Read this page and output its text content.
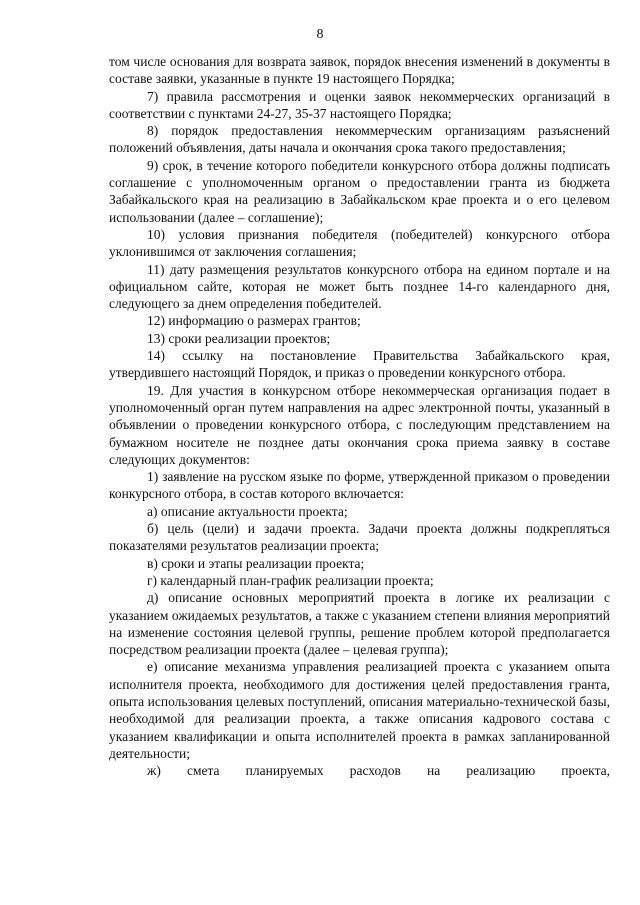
8

том числе основания для возврата заявок, порядок внесения изменений в документы в составе заявки, указанные в пункте 19 настоящего Порядка;

7) правила рассмотрения и оценки заявок некоммерческих организаций в соответствии с пунктами 24-27, 35-37 настоящего Порядка;

8) порядок предоставления некоммерческим организациям разъяснений положений объявления, даты начала и окончания срока такого предоставления;

9) срок, в течение которого победители конкурсного отбора должны подписать соглашение с уполномоченным органом о предоставлении гранта из бюджета Забайкальского края на реализацию в Забайкальском крае проекта и о его целевом использовании (далее – соглашение);

10) условия признания победителя (победителей) конкурсного отбора уклонившимся от заключения соглашения;

11) дату размещения результатов конкурсного отбора на едином портале и на официальном сайте, которая не может быть позднее 14-го календарного дня, следующего за днем определения победителей.

12) информацию о размерах грантов;

13) сроки реализации проектов;

14) ссылку на постановление Правительства Забайкальского края, утвердившего настоящий Порядок, и приказ о проведении конкурсного отбора.

19. Для участия в конкурсном отборе некоммерческая организация подает в уполномоченный орган путем направления на адрес электронной почты, указанный в объявлении о проведении конкурсного отбора, с последующим представлением на бумажном носителе не позднее даты окончания срока приема заявку в составе следующих документов:

1) заявление на русском языке по форме, утвержденной приказом о проведении конкурсного отбора, в состав которого включается:

а) описание актуальности проекта;

б) цель (цели) и задачи проекта. Задачи проекта должны подкрепляться показателями результатов реализации проекта;

в) сроки и этапы реализации проекта;

г) календарный план-график реализации проекта;

д) описание основных мероприятий проекта в логике их реализации с указанием ожидаемых результатов, а также с указанием степени влияния мероприятий на изменение состояния целевой группы, решение проблем которой предполагается посредством реализации проекта (далее – целевая группа);

е) описание механизма управления реализацией проекта с указанием опыта исполнителя проекта, необходимого для достижения целей предоставления гранта, опыта использования целевых поступлений, описания материально-технической базы, необходимой для реализации проекта, а также описания кадрового состава с указанием квалификации и опыта исполнителей проекта в рамках запланированной деятельности;

ж) смета планируемых расходов на реализацию проекта,
